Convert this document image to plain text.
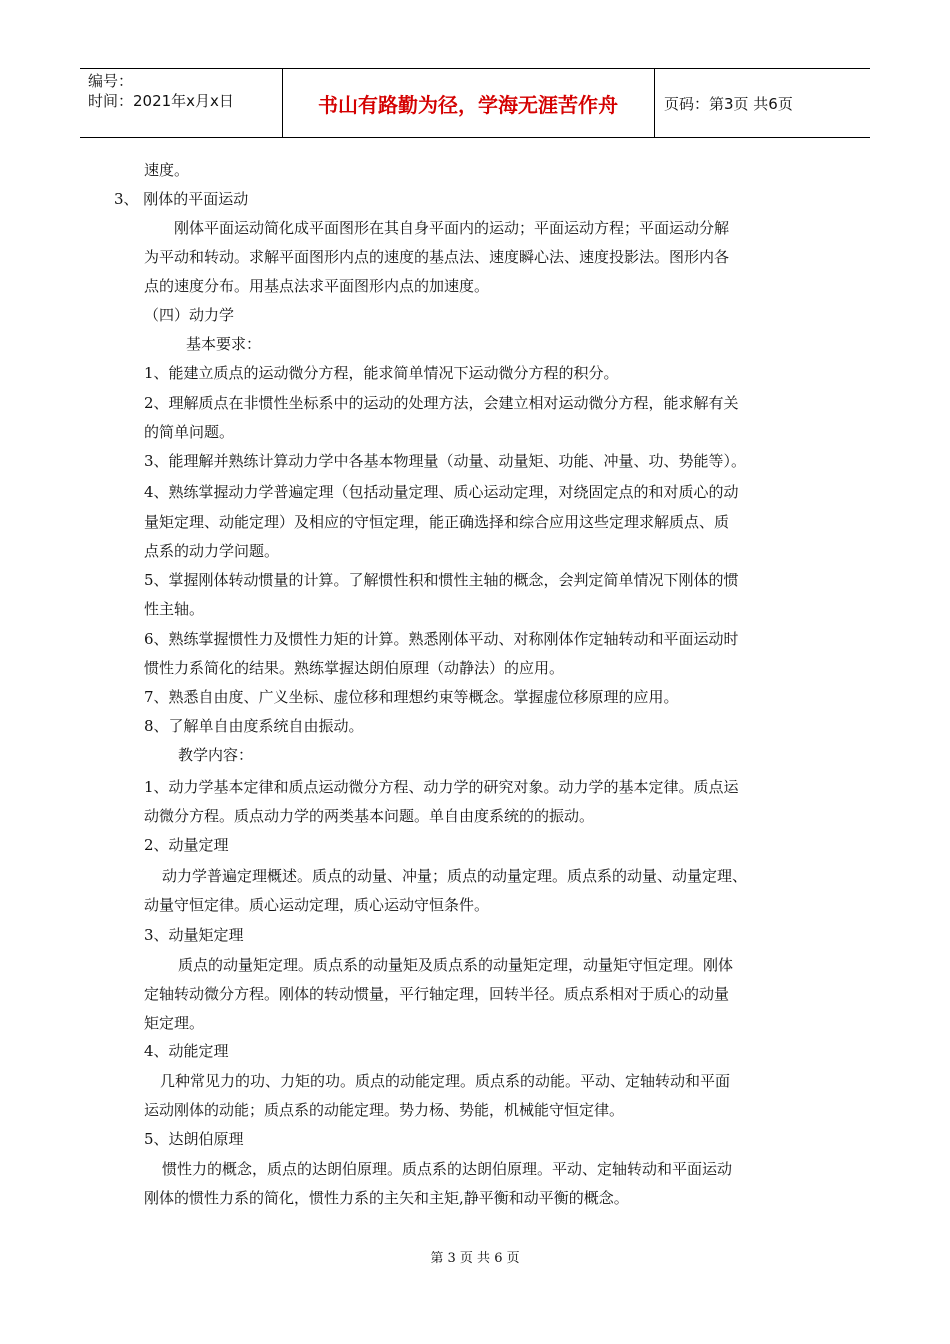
编号：
时间：2021年x月x日	书山有路勤为径，学海无涯苦作舟	页码：第3页 共6页
速度。
3、 刚体的平面运动
刚体平面运动简化成平面图形在其自身平面内的运动；平面运动方程；平面运动分解
为平动和转动。求解平面图形内点的速度的基点法、速度瞬心法、速度投影法。图形内各
点的速度分布。用基点法求平面图形内点的加速度。
（四）动力学
基本要求：
1、能建立质点的运动微分方程，能求简单情况下运动微分方程的积分。
2、理解质点在非惯性坐标系中的运动的处理方法，会建立相对运动微分方程，能求解有关
的简单问题。
3、能理解并熟练计算动力学中各基本物理量（动量、动量矩、功能、冲量、功、势能等）。
4、熟练掌握动力学普遍定理（包括动量定理、质心运动定理，对绕固定点的和对质心的动
量矩定理、动能定理）及相应的守恒定理，能正确选择和综合应用这些定理求解质点、质
点系的动力学问题。
5、掌握刚体转动惯量的计算。了解惯性积和惯性主轴的概念，会判定简单情况下刚体的惯
性主轴。
6、熟练掌握惯性力及惯性力矩的计算。熟悉刚体平动、对称刚体作定轴转动和平面运动时
惯性力系简化的结果。熟练掌握达朗伯原理（动静法）的应用。
7、熟悉自由度、广义坐标、虚位移和理想约束等概念。掌握虚位移原理的应用。
8、了解单自由度系统自由振动。
教学内容：
1、动力学基本定律和质点运动微分方程、动力学的研究对象。动力学的基本定律。质点运
动微分方程。质点动力学的两类基本问题。单自由度系统的的振动。
2、动量定理
动力学普遍定理概述。质点的动量、冲量；质点的动量定理。质点系的动量、动量定理、
动量守恒定律。质心运动定理，质心运动守恒条件。
3、动量矩定理
质点的动量矩定理。质点系的动量矩及质点系的动量矩定理，动量矩守恒定理。刚体
定轴转动微分方程。刚体的转动惯量，平行轴定理，回转半径。质点系相对于质心的动量
矩定理。
4、动能定理
几种常见力的功、力矩的功。质点的动能定理。质点系的动能。平动、定轴转动和平面
运动刚体的动能；质点系的动能定理。势力杨、势能，机械能守恒定律。
5、达朗伯原理
惯性力的概念，质点的达朗伯原理。质点系的达朗伯原理。平动、定轴转动和平面运动
刚体的惯性力系的简化，惯性力系的主矢和主矩,静平衡和动平衡的概念。
第 3 页 共 6 页
